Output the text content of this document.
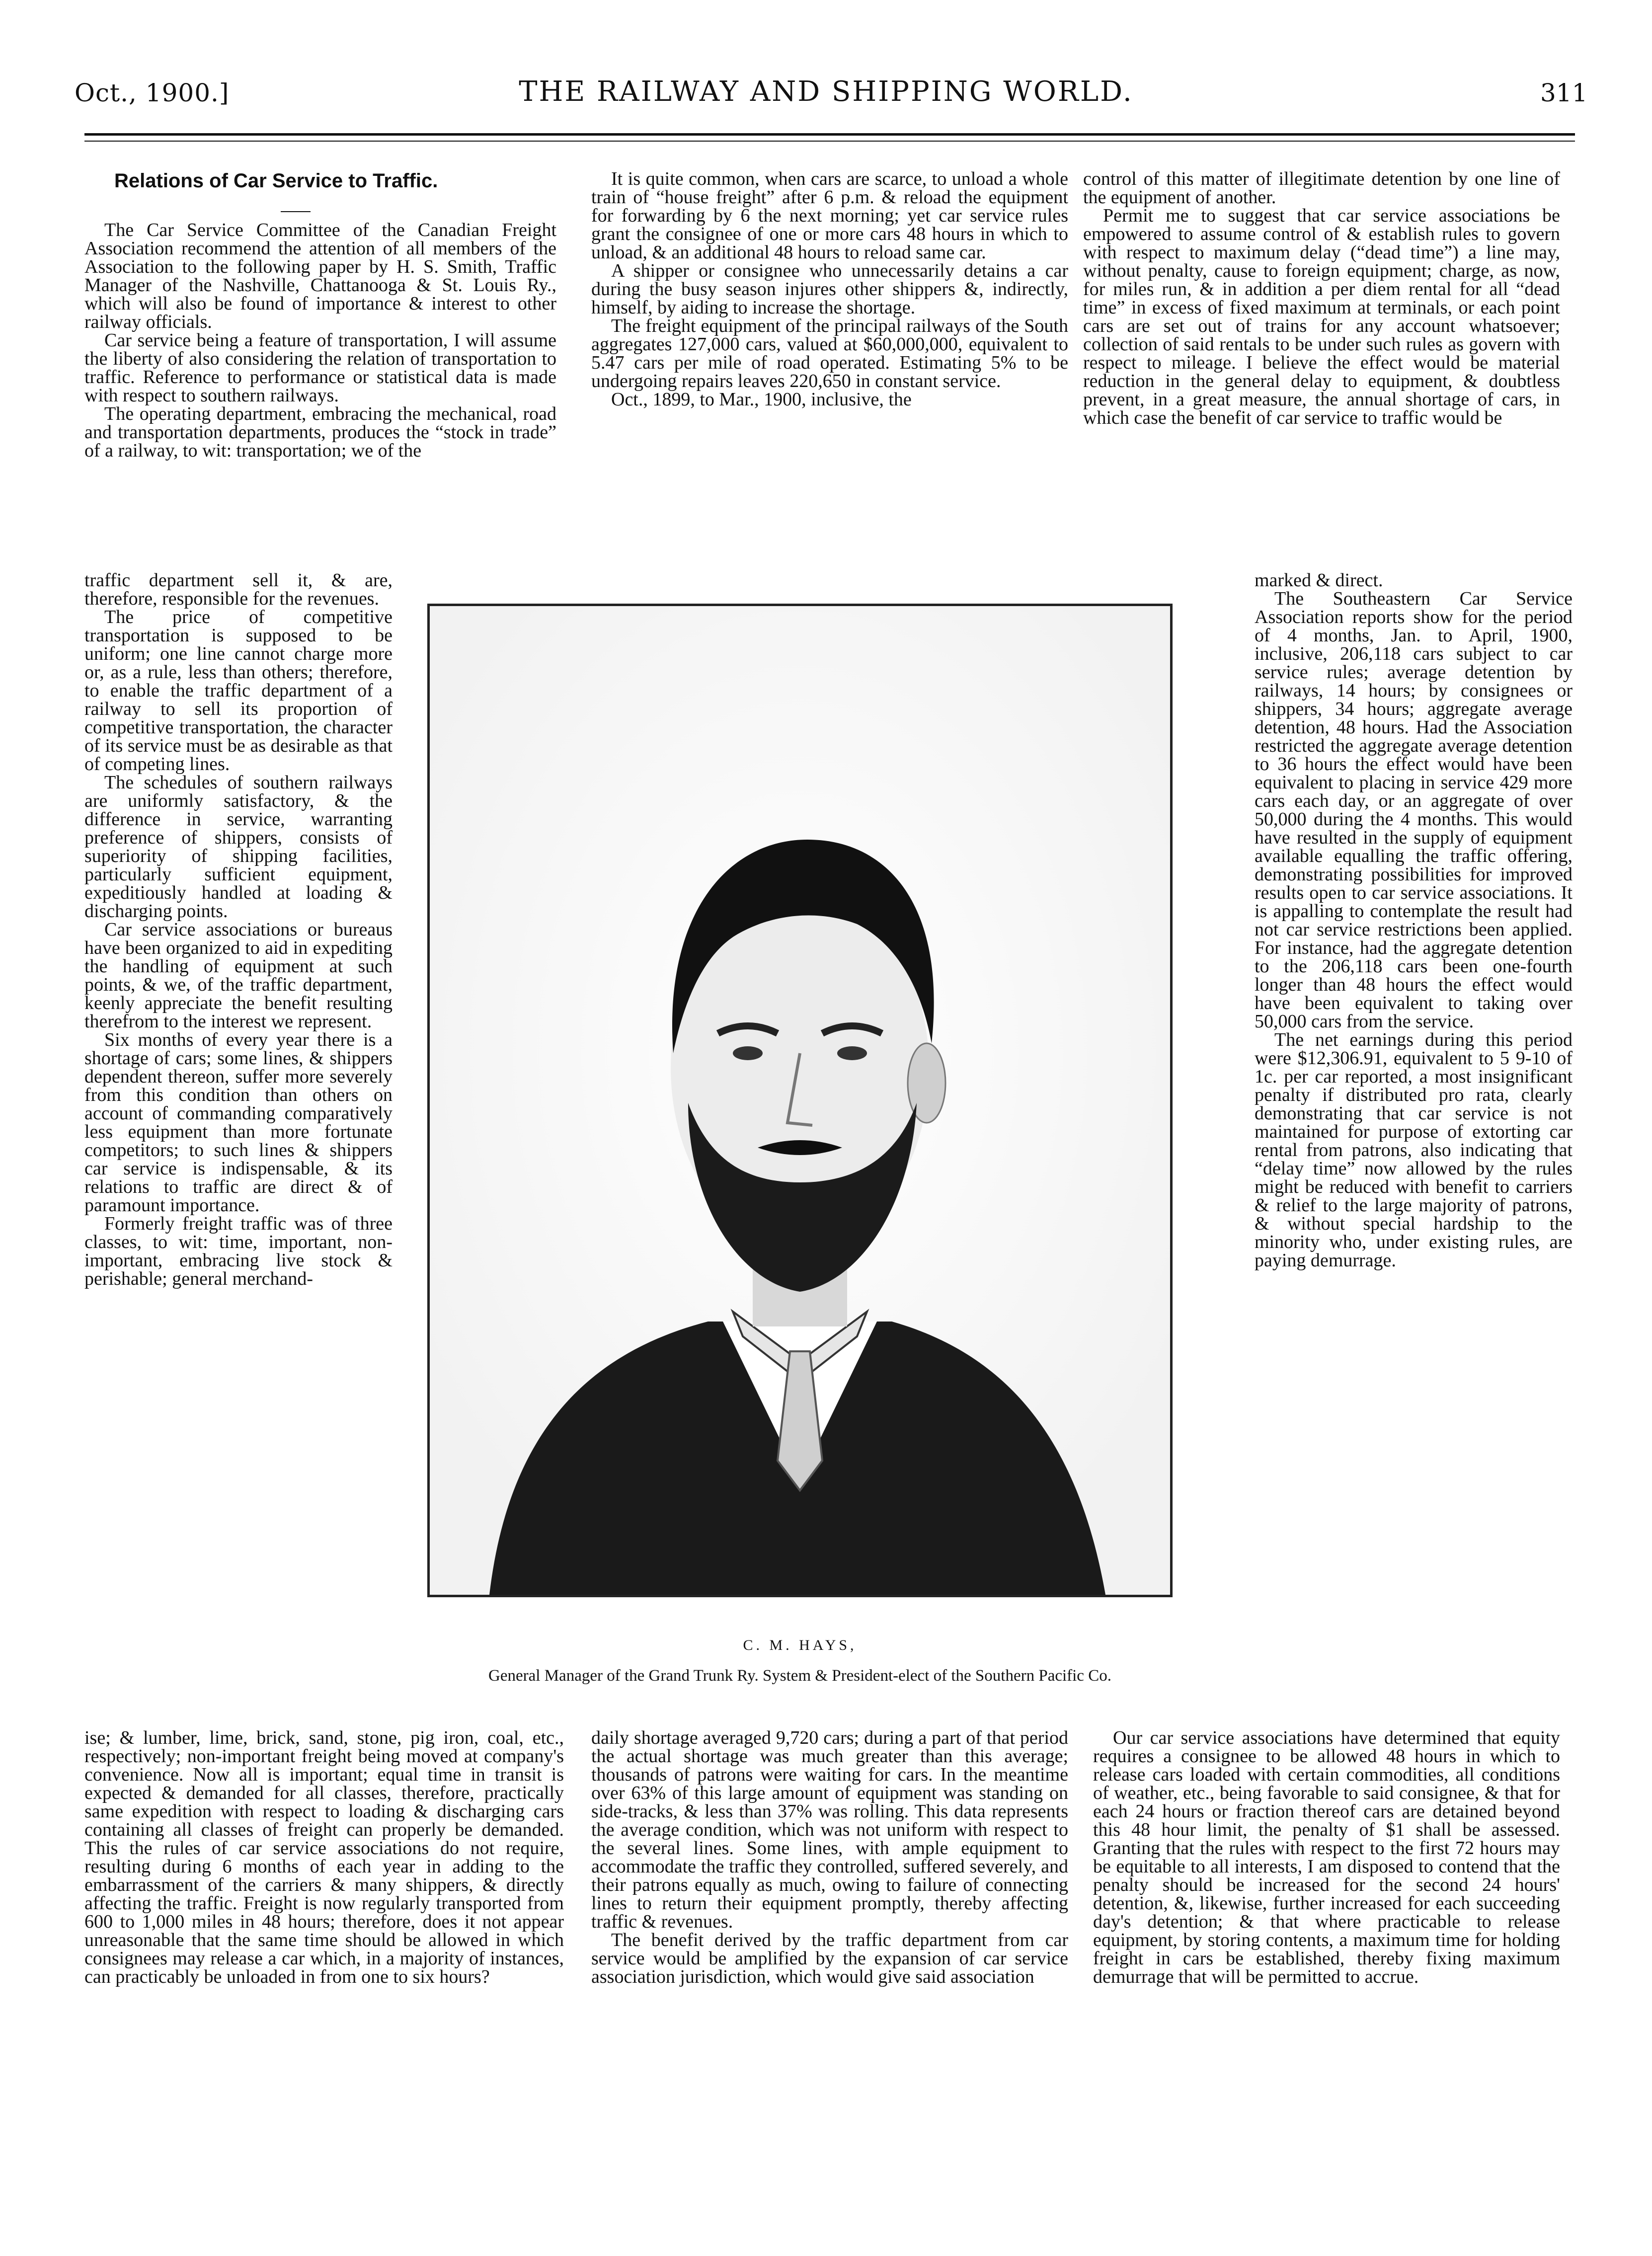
Oct., 1900.]	THE RAILWAY AND SHIPPING WORLD.	311
Relations of Car Service to Traffic.

The Car Service Committee of the Canadian Freight Association recommend the attention of all members of the Association to the following paper by H. S. Smith, Traffic Manager of the Nashville, Chattanooga & St. Louis Ry., which will also be found of importance & interest to other railway officials.

Car service being a feature of transportation, I will assume the liberty of also considering the relation of transportation to traffic. Reference to performance or statistical data is made with respect to southern railways.

The operating department, embracing the mechanical, road and transportation departments, produces the “stock in trade” of a railway, to wit: transportation; we of the

traffic department sell it, & are, therefore, responsible for the revenues.

The price of competitive transportation is supposed to be uniform; one line cannot charge more or, as a rule, less than others; therefore, to enable the traffic department of a railway to sell its proportion of competitive transportation, the character of its service must be as desirable as that of competing lines.

The schedules of southern railways are uniformly satisfactory, & the difference in service, warranting preference of shippers, consists of superiority of shipping facilities, particularly sufficient equipment, expeditiously handled at loading & discharging points.

Car service associations or bureaus have been organized to aid in expediting the handling of equipment at such points, & we, of the traffic department, keenly appreciate the benefit resulting therefrom to the interest we represent.

Six months of every year there is a shortage of cars; some lines, & shippers dependent thereon, suffer more severely from this condition than others on account of commanding comparatively less equipment than more fortunate competitors; to such lines & shippers car service is indispensable, & its relations to traffic are direct & of paramount importance.

Formerly freight traffic was of three classes, to wit: time, important, non-important, embracing live stock & perishable; general merchand-

ise; & lumber, lime, brick, sand, stone, pig iron, coal, etc., respectively; non-important freight being moved at company's convenience. Now all is important; equal time in transit is expected & demanded for all classes, therefore, practically same expedition with respect to loading & discharging cars containing all classes of freight can properly be demanded. This the rules of car service associations do not require, resulting during 6 months of each year in adding to the embarrassment of the carriers & many shippers, & directly affecting the traffic. Freight is now regularly transported from 600 to 1,000 miles in 48 hours; therefore, does it not appear unreasonable that the same time should be allowed in which consignees may release a car which, in a majority of instances, can practicably be unloaded in from one to six hours?

It is quite common, when cars are scarce, to unload a whole train of “house freight” after 6 p.m. & reload the equipment for forwarding by 6 the next morning; yet car service rules grant the consignee of one or more cars 48 hours in which to unload, & an additional 48 hours to reload same car.

A shipper or consignee who unnecessarily detains a car during the busy season injures other shippers &, indirectly, himself, by aiding to increase the shortage.

The freight equipment of the principal railways of the South aggregates 127,000 cars, valued at $60,000,000, equivalent to 5.47 cars per mile of road operated. Estimating 5% to be undergoing repairs leaves 220,650 in constant service.

Oct., 1899, to Mar., 1900, inclusive, the

daily shortage averaged 9,720 cars; during a part of that period the actual shortage was much greater than this average; thousands of patrons were waiting for cars. In the meantime over 63% of this large amount of equipment was standing on side-tracks, & less than 37% was rolling. This data represents the average condition, which was not uniform with respect to the several lines. Some lines, with ample equipment to accommodate the traffic they controlled, suffered severely, and their patrons equally as much, owing to failure of connecting lines to return their equipment promptly, thereby affecting traffic & revenues.

The benefit derived by the traffic department from car service would be amplified by the expansion of car service association jurisdiction, which would give said association

control of this matter of illegitimate detention by one line of the equipment of another.

Permit me to suggest that car service associations be empowered to assume control of & establish rules to govern with respect to maximum delay (“dead time”) a line may, without penalty, cause to foreign equipment; charge, as now, for miles run, & in addition a per diem rental for all “dead time” in excess of fixed maximum at terminals, or each point cars are set out of trains for any account whatsoever; collection of said rentals to be under such rules as govern with respect to mileage. I believe the effect would be material reduction in the general delay to equipment, & doubtless prevent, in a great measure, the annual shortage of cars, in which case the benefit of car service to traffic would be

marked & direct.

The Southeastern Car Service Association reports show for the period of 4 months, Jan. to April, 1900, inclusive, 206,118 cars subject to car service rules; average detention by railways, 14 hours; by consignees or shippers, 34 hours; aggregate average detention, 48 hours. Had the Association restricted the aggregate average detention to 36 hours the effect would have been equivalent to placing in service 429 more cars each day, or an aggregate of over 50,000 during the 4 months. This would have resulted in the supply of equipment available equalling the traffic offering, demonstrating possibilities for improved results open to car service associations. It is appalling to contemplate the result had not car service restrictions been applied. For instance, had the aggregate detention to the 206,118 cars been one-fourth longer than 48 hours the effect would have been equivalent to taking over 50,000 cars from the service.

The net earnings during this period were $12,306.91, equivalent to 5 9-10 of 1c. per car reported, a most insignificant penalty if distributed pro rata, clearly demonstrating that car service is not maintained for purpose of extorting car rental from patrons, also indicating that “delay time” now allowed by the rules might be reduced with benefit to carriers & relief to the large majority of patrons, & without special hardship to the minority who, under existing rules, are paying demurrage.

Our car service associations have determined that equity requires a consignee to be allowed 48 hours in which to release cars loaded with certain commodities, all conditions of weather, etc., being favorable to said consignee, & that for each 24 hours or fraction thereof cars are detained beyond this 48 hour limit, the penalty of $1 shall be assessed. Granting that the rules with respect to the first 72 hours may be equitable to all interests, I am disposed to contend that the penalty should be increased for the second 24 hours' detention, &, likewise, further increased for each succeeding day's detention; & that where practicable to release equipment, by storing contents, a maximum time for holding freight in cars be established, thereby fixing maximum demurrage that will be permitted to accrue.

C. M. HAYS,
General Manager of the Grand Trunk Ry. System & President-elect of the Southern Pacific Co.
